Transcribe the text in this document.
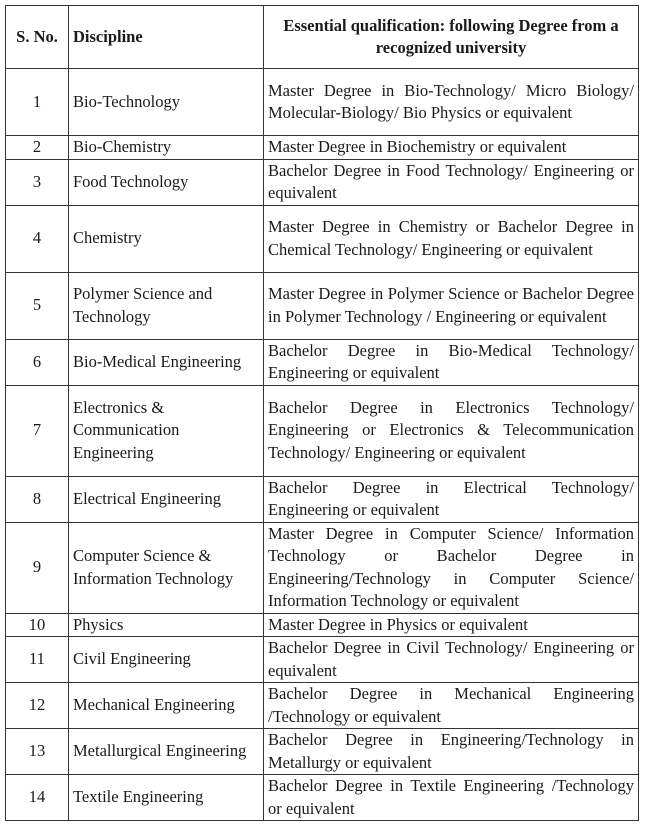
S. No.	Discipline	Essential qualification: following Degree from a recognized university
1	Bio-Technology	Master Degree in Bio-Technology/ Micro Biology/ Molecular-Biology/ Bio Physics or equivalent
2	Bio-Chemistry	Master Degree in Biochemistry or equivalent
3	Food Technology	Bachelor Degree in Food Technology/ Engineering or equivalent
4	Chemistry	Master Degree in Chemistry or Bachelor Degree in Chemical Technology/ Engineering or equivalent
5	Polymer Science and Technology	Master Degree in Polymer Science or Bachelor Degree in Polymer Technology / Engineering or equivalent
6	Bio-Medical Engineering	Bachelor Degree in Bio-Medical Technology/ Engineering or equivalent
7	Electronics & Communication Engineering	Bachelor Degree in Electronics Technology/ Engineering or Electronics & Telecommunication Technology/ Engineering or equivalent
8	Electrical Engineering	Bachelor Degree in Electrical Technology/ Engineering or equivalent
9	Computer Science & Information Technology	Master Degree in Computer Science/ Information Technology or Bachelor Degree in Engineering/Technology in Computer Science/ Information Technology or equivalent
10	Physics	Master Degree in Physics or equivalent
11	Civil Engineering	Bachelor Degree in Civil Technology/ Engineering or equivalent
12	Mechanical Engineering	Bachelor Degree in Mechanical Engineering /Technology or equivalent
13	Metallurgical Engineering	Bachelor Degree in Engineering/Technology in Metallurgy or equivalent
14	Textile Engineering	Bachelor Degree in Textile Engineering /Technology or equivalent
